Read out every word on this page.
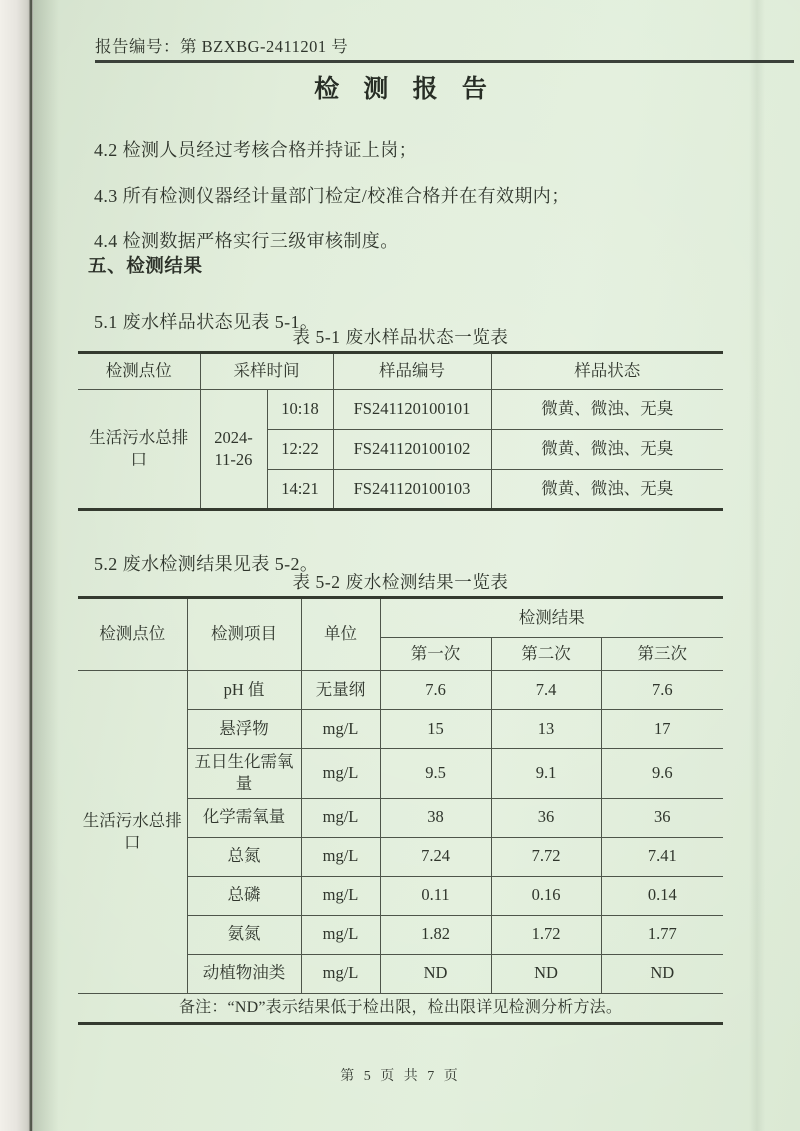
报告编号：第 BZXBG-2411201 号
检 测 报 告

4.2 检测人员经过考核合格并持证上岗；

4.3 所有检测仪器经计量部门检定/校准合格并在有效期内；

4.4 检测数据严格实行三级审核制度。

五、检测结果

5.1 废水样品状态见表 5-1。

表 5-1 废水样品状态一览表
检测点位	采样时间		样品编号	样品状态
生活污水总排口	2024-11-26	10:18	FS241120100101	微黄、微浊、无臭
		12:22	FS241120100102	微黄、微浊、无臭
		14:21	FS241120100103	微黄、微浊、无臭

5.2 废水检测结果见表 5-2。

表 5-2 废水检测结果一览表
检测点位	检测项目	单位	检测结果		
			第一次	第二次	第三次
生活污水总排口	pH 值	无量纲	7.6	7.4	7.6
	悬浮物	mg/L	15	13	17
	五日生化需氧量	mg/L	9.5	9.1	9.6
	化学需氧量	mg/L	38	36	36
	总氮	mg/L	7.24	7.72	7.41
	总磷	mg/L	0.11	0.16	0.14
	氨氮	mg/L	1.82	1.72	1.77
	动植物油类	mg/L	ND	ND	ND
备注：“ND”表示结果低于检出限，检出限详见检测分析方法。					
第 5 页 共 7 页
